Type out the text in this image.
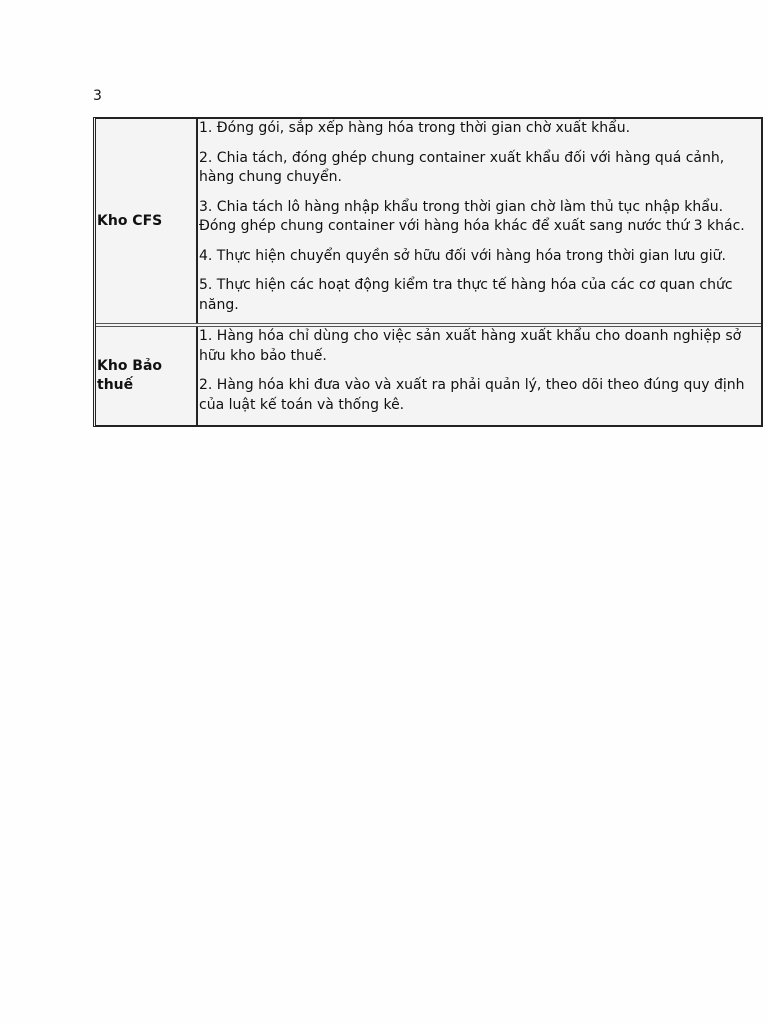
3
Kho CFS

1. Đóng gói, sắp xếp hàng hóa trong thời gian chờ xuất khẩu.

2. Chia tách, đóng ghép chung container xuất khẩu đối với hàng quá cảnh, hàng chung chuyển.

3. Chia tách lô hàng nhập khẩu trong thời gian chờ làm thủ tục nhập khẩu. Đóng ghép chung container với hàng hóa khác để xuất sang nước thứ 3 khác.

4. Thực hiện chuyển quyền sở hữu đối với hàng hóa trong thời gian lưu giữ.

5. Thực hiện các hoạt động kiểm tra thực tế hàng hóa của các cơ quan chức năng.

Kho Bảo thuế

1. Hàng hóa chỉ dùng cho việc sản xuất hàng xuất khẩu cho doanh nghiệp sở hữu kho bảo thuế.

2. Hàng hóa khi đưa vào và xuất ra phải quản lý, theo dõi theo đúng quy định của luật kế toán và thống kê.
